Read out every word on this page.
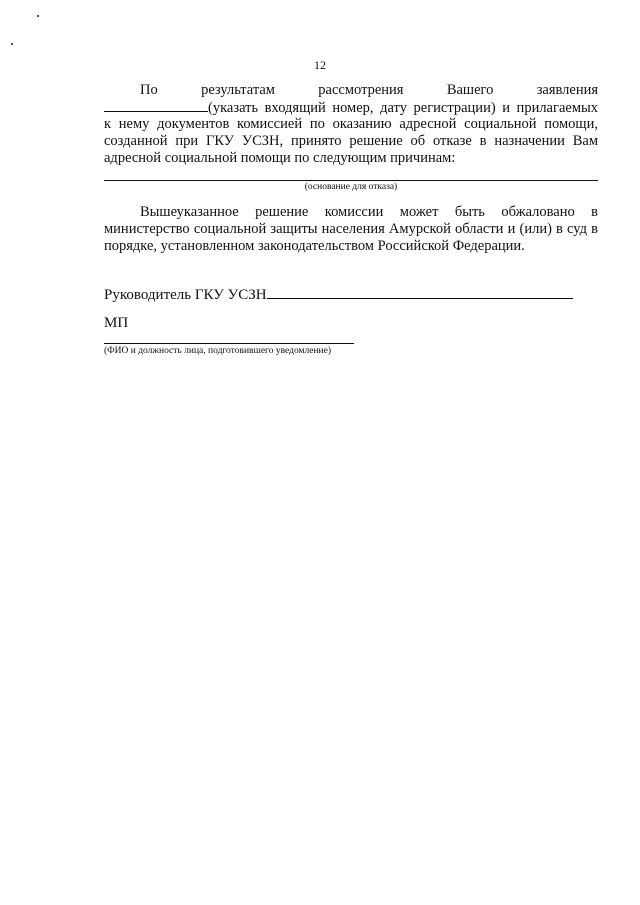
12
По	результатам	рассмотрения	Вашего	заявления
(указать входящий номер, дату регистрации) и прилагаемых
к нему документов комиссией по оказанию адресной социальной помощи,
созданной при ГКУ УСЗН, принято решение об отказе в назначении Вам
адресной социальной помощи по следующим причинам:
(основание для отказа)
Вышеуказанное решение комиссии может быть обжаловано в
министерство социальной защиты населения Амурской области и (или) в суд в
порядке, установленном законодательством Российской Федерации.
Руководитель ГКУ УСЗН
МП
(ФИО и должность лица, подготовившего уведомление)
